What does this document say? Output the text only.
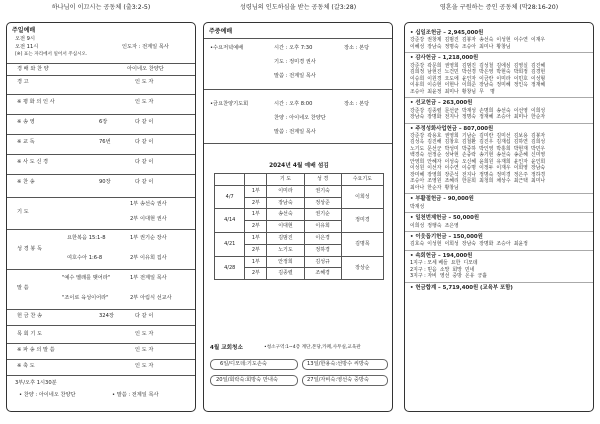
하나님이 이끄시는 공동체 (출3:2-5)	성령님의 인도하심을 받는 공동체 (갈3:28)	영혼을 구원하는 증인 공동체 (막28:16-20)
주일예배
오전 9시
오전 11시	인도자 : 전계일 목사
[※] 표는 자리에서 일어서 주십시오.
경 배 와 찬 양	아이네오 찬양단
경 고	인 도 자
※ 평 화 의 인 사	인 도 자
※ 송 영	6장	다 같 이
※ 교 독	76번	다 같 이
※ 사 도 신 경	다 같 이
※ 찬 송	90장	다 같 이
기 도
1부 송선숙 권사
2부 이대현 권사
성 경 봉 독
요한복음 15:1-8	1부 권기순 장사
여호수아 1:6-8	2부 이유희 집사
말 씀
"예수 멜래를 맺어라"	1부 전계일 목사
"조이로 육성이어라"	2부 아림식 선교사
헌 금 찬 송	324장	다 같 이
목 회 기 도	인 도 자
※ 파 송 의 말 씀	인 도 자
※ 축 도	인 도 자
3부/오후 1시30분
• 찬양 : 아이네오 찬양단	• 말씀 : 전계일 목사
주중예배
•수요저녁예배	시간 : 오후 7:30	장소 : 본당
기도 : 정미경 권사
말씀 : 전계일 목사
•금요찬양기도회	시간 : 오후 8:00	장소 : 본당
찬양 : 아이네오 찬양단
말씀 : 전계일 목사
2024년 4월 예배 섬김
		기 도	성 경	수요기도
4/7	1부	이미라	권기숙	이희성
	2부	장남숙	정상준	
4/14	1부	송선숙	권기순	정미경
	2부	이대현	이유희	
4/21	1부	김범진	이은경	김명목
	2부	노기도	정하경	
4/28	1부	안정희	김성규	장상순
	2부	김종렬	조혜경	
4월 교회청소	•청소구역:1~4층 계단,본당,카페,사무실,교육관
6일/디모데:기도손숙	13일/한용숙:선방수 씨방숙
20일/회락숙:회방숙 만내숙	27일/자비숙:영선숙 중방숙
• 십일조헌금 – 2,945,000원
강준강  권창제  김범진  김봉자  송선숙  이성현  이수연  이재우
이혜성  장남숙  정명숙  조승아  최미나  황창님
• 감사헌금 – 1,218,000원
강준강  곽문희  권영희  김범진  김성철  김에심  김영실  김진혜
김희정  남현진  노건민  박선경  박은영  박현숙  박희정  김경현
이승희  이원경  오도에  윤인자  이금란  이미라  이민호  이성형
이유희  이승현  이현나  이희준  장남숙  정미혜  정인옥  정재혜
조승아  최윤정  최미나  황창님  무    명
• 선교헌금 – 263,000원
강준강  김종렬  문선균  박재성  손명희  송선숙  이선영  이희성
장남숙  장명화  전지나  정명숙  정재혜  조승아  최미나  한순자
• 주정성화사업헌금 – 807,000원
강준강  곽용호  권영희  기남순  김미란  김미선  김보용  김봉자
김성옥  김진해  김창호  김철환  김진우  김재섭  김하연  김희성
노기도  문선군  박성미  박중하  박인영  박홍희  박현재  박민우
백경숙  선정순  성낙현  손중락  송기현  송선숙  송준혜  신미영
안영희  안혜자  이성숙  오신혜  윤희원  유재희  윤인자  윤인희
이성원  이선자  이수연  이승명  이정두  이재우  이희영  장남숙
장미혜  장영희  장준석  전지나  정명숙  정미경  정은주  정하경
조승아  조영원  조혜리  한문희  최청희  채상수  최근택  최미나
최아나  한순자  황창님
• 부활절헌금 – 90,000원
박재성
• 일천번제헌금 – 50,000원
이희성  정행숙  조은영
• 이웃돕기헌금 – 150,000원
김호숙  이성현  이희성  장남숙  장명화  조승아  최윤정
• 속회헌금 – 194,000원
1지구 : 모세 베들  요한  디모데
2지구 : 믿음  소망  회망  민네
3지구 : 자비  영선  중방  온유  긍휼
• 헌금합계 – 5,719,400원 (교육부 포함)
